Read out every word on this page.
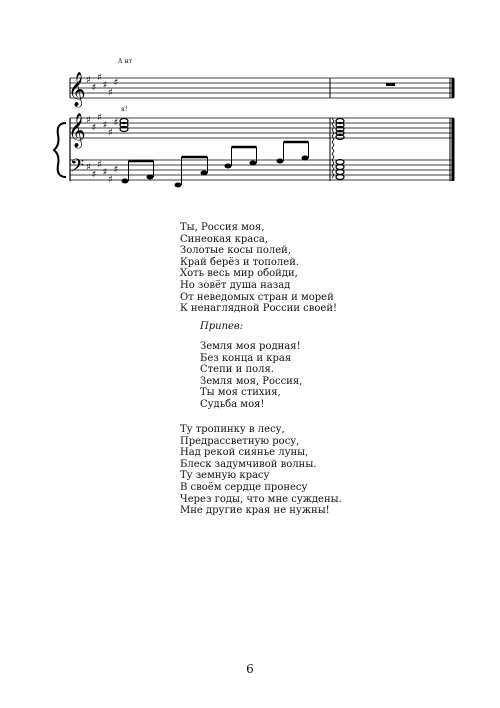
𝄞
𝄞
𝄢
♯
♯
♯
♯
♯
♯
♯
♯
♯
♯
♯
♯
♯
♯
♯
♯
♯
♯
A нт
я!
Ты, Россия моя,
Синеокая краса,
Золотые косы полей,
Край берёз и тополей.
Хоть весь мир обойди,
Но зовёт душа назад
От неведомых стран и морей
К ненаглядной России своей!
Припев:
Земля моя родная!
Без конца и края
Степи и поля.
Земля моя, Россия,
Ты моя стихия,
Судьба моя!
Ту тропинку в лесу,
Предрассветную росу,
Над рекой сиянье луны,
Блеск задумчивой волны.
Ту земную красу
В своём сердце пронесу
Через годы, что мне суждены.
Мне другие края не нужны!
6
